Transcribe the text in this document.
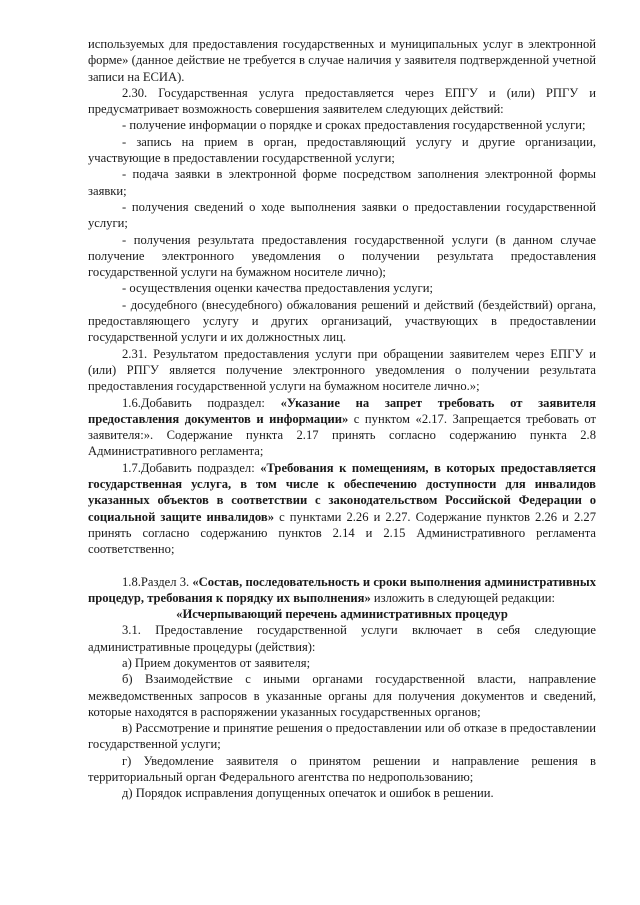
используемых для предоставления государственных и муниципальных услуг в электронной форме» (данное действие не требуется в случае наличия у заявителя подтвержденной учетной записи на ЕСИА).

2.30. Государственная услуга предоставляется через ЕПГУ и (или) РПГУ и предусматривает возможность совершения заявителем следующих действий:

- получение информации о порядке и сроках предоставления государственной услуги;

- запись на прием в орган, предоставляющий услугу и другие организации, участвующие в предоставлении государственной услуги;

- подача заявки в электронной форме посредством заполнения электронной формы заявки;

- получения сведений о ходе выполнения заявки о предоставлении государственной услуги;

- получения результата предоставления государственной услуги (в данном случае получение электронного уведомления о получении результата предоставления государственной услуги на бумажном носителе лично);

- осуществления оценки качества предоставления услуги;

- досудебного (внесудебного) обжалования решений и действий (бездействий) органа, предоставляющего услугу и других организаций, участвующих в предоставлении государственной услуги и их должностных лиц.

2.31. Результатом предоставления услуги при обращении заявителем через ЕПГУ и (или) РПГУ является получение электронного уведомления о получении результата предоставления государственной услуги на бумажном носителе лично.»;

1.6.Добавить подраздел: «Указание на запрет требовать от заявителя предоставления документов и информации» с пунктом «2.17. Запрещается требовать от заявителя:». Содержание пункта 2.17 принять согласно содержанию пункта 2.8 Административного регламента;

1.7.Добавить подраздел: «Требования к помещениям, в которых предоставляется государственная услуга, в том числе к обеспечению доступности для инвалидов указанных объектов в соответствии с законодательством Российской Федерации о социальной защите инвалидов» с пунктами 2.26 и 2.27. Содержание пунктов 2.26 и 2.27 принять согласно содержанию пунктов 2.14 и 2.15 Административного регламента соответственно;

1.8.Раздел 3. «Состав, последовательность и сроки выполнения административных процедур, требования к порядку их выполнения» изложить в следующей редакции:

«Исчерпывающий перечень административных процедур

3.1. Предоставление государственной услуги включает в себя следующие административные процедуры (действия):

а) Прием документов от заявителя;

б) Взаимодействие с иными органами государственной власти, направление межведомственных запросов в указанные органы для получения документов и сведений, которые находятся в распоряжении указанных государственных органов;

в) Рассмотрение и принятие решения о предоставлении или об отказе в предоставлении государственной услуги;

г) Уведомление заявителя о принятом решении и направление решения в территориальный орган Федерального агентства по недропользованию;

д) Порядок исправления допущенных опечаток и ошибок в решении.
